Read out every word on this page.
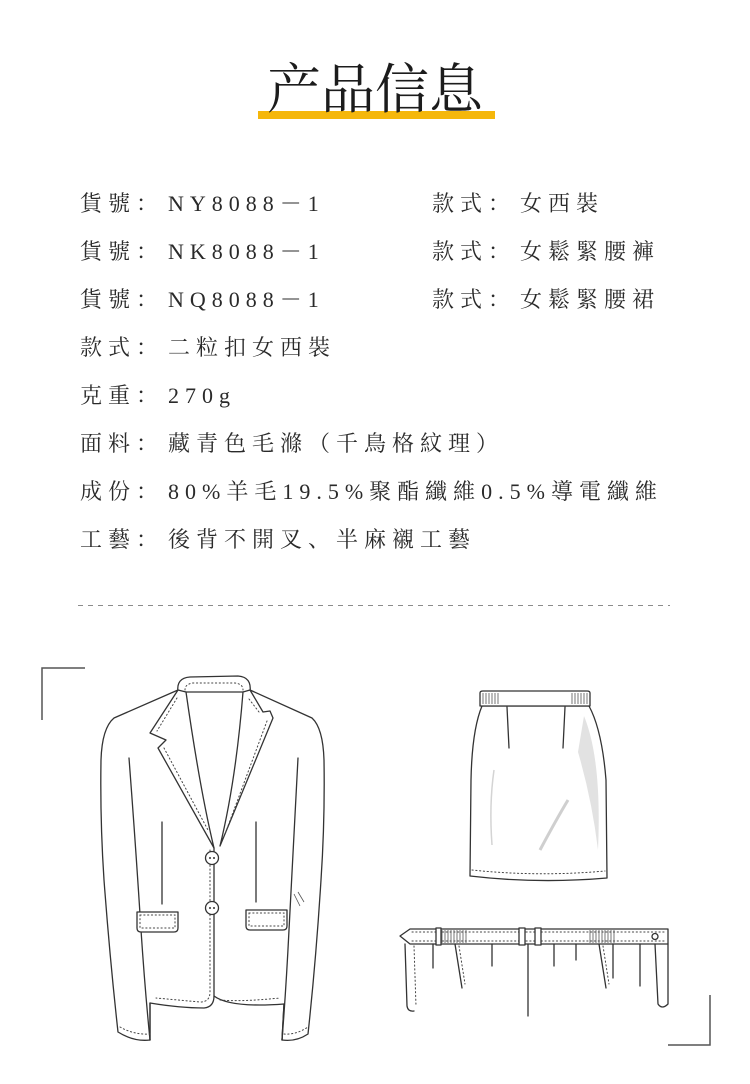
产品信息
貨號： NY8088－1	款式： 女西裝
貨號： NK8088－1	款式： 女鬆緊腰褲
貨號： NQ8088－1	款式： 女鬆緊腰裙
款式： 二粒扣女西裝
克重： 270g
面料： 藏青色毛滌（千鳥格紋理）
成份： 80%羊毛19.5%聚酯纖維0.5%導電纖維
工藝： 後背不開叉、半麻襯工藝
